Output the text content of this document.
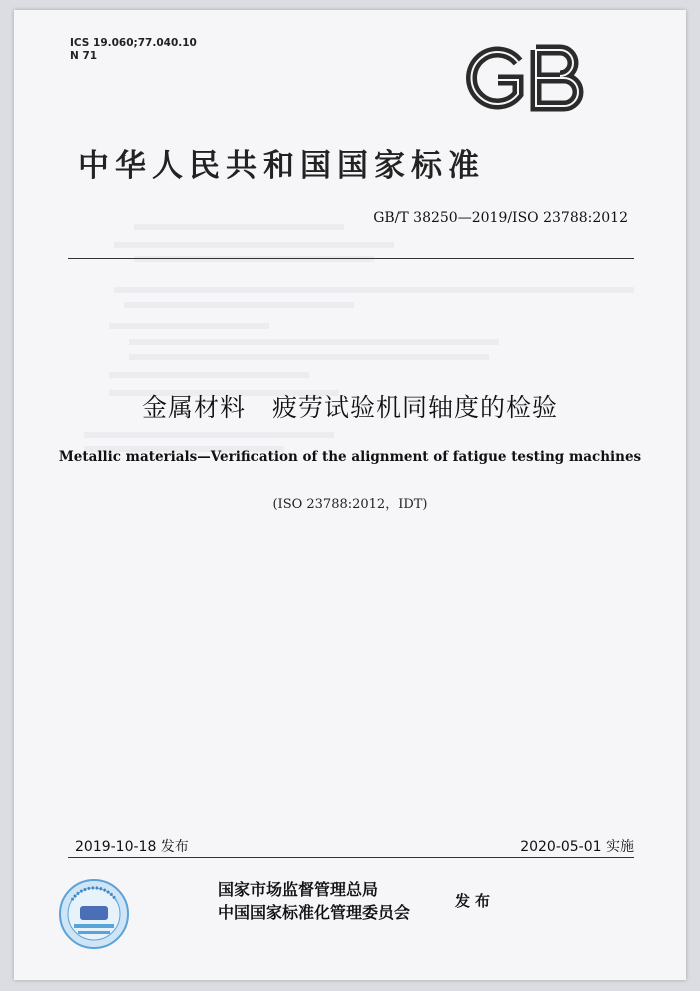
ICS 19.060;77.040.10
N 71
中华人民共和国国家标准
GB/T 38250—2019/ISO 23788:2012
金属材料　疲劳试验机同轴度的检验
Metallic materials—Verification of the alignment of fatigue testing machines
(ISO 23788:2012，IDT)
2019-10-18 发布	2020-05-01 实施
国家市场监督管理总局
中国国家标准化管理委员会
发布
